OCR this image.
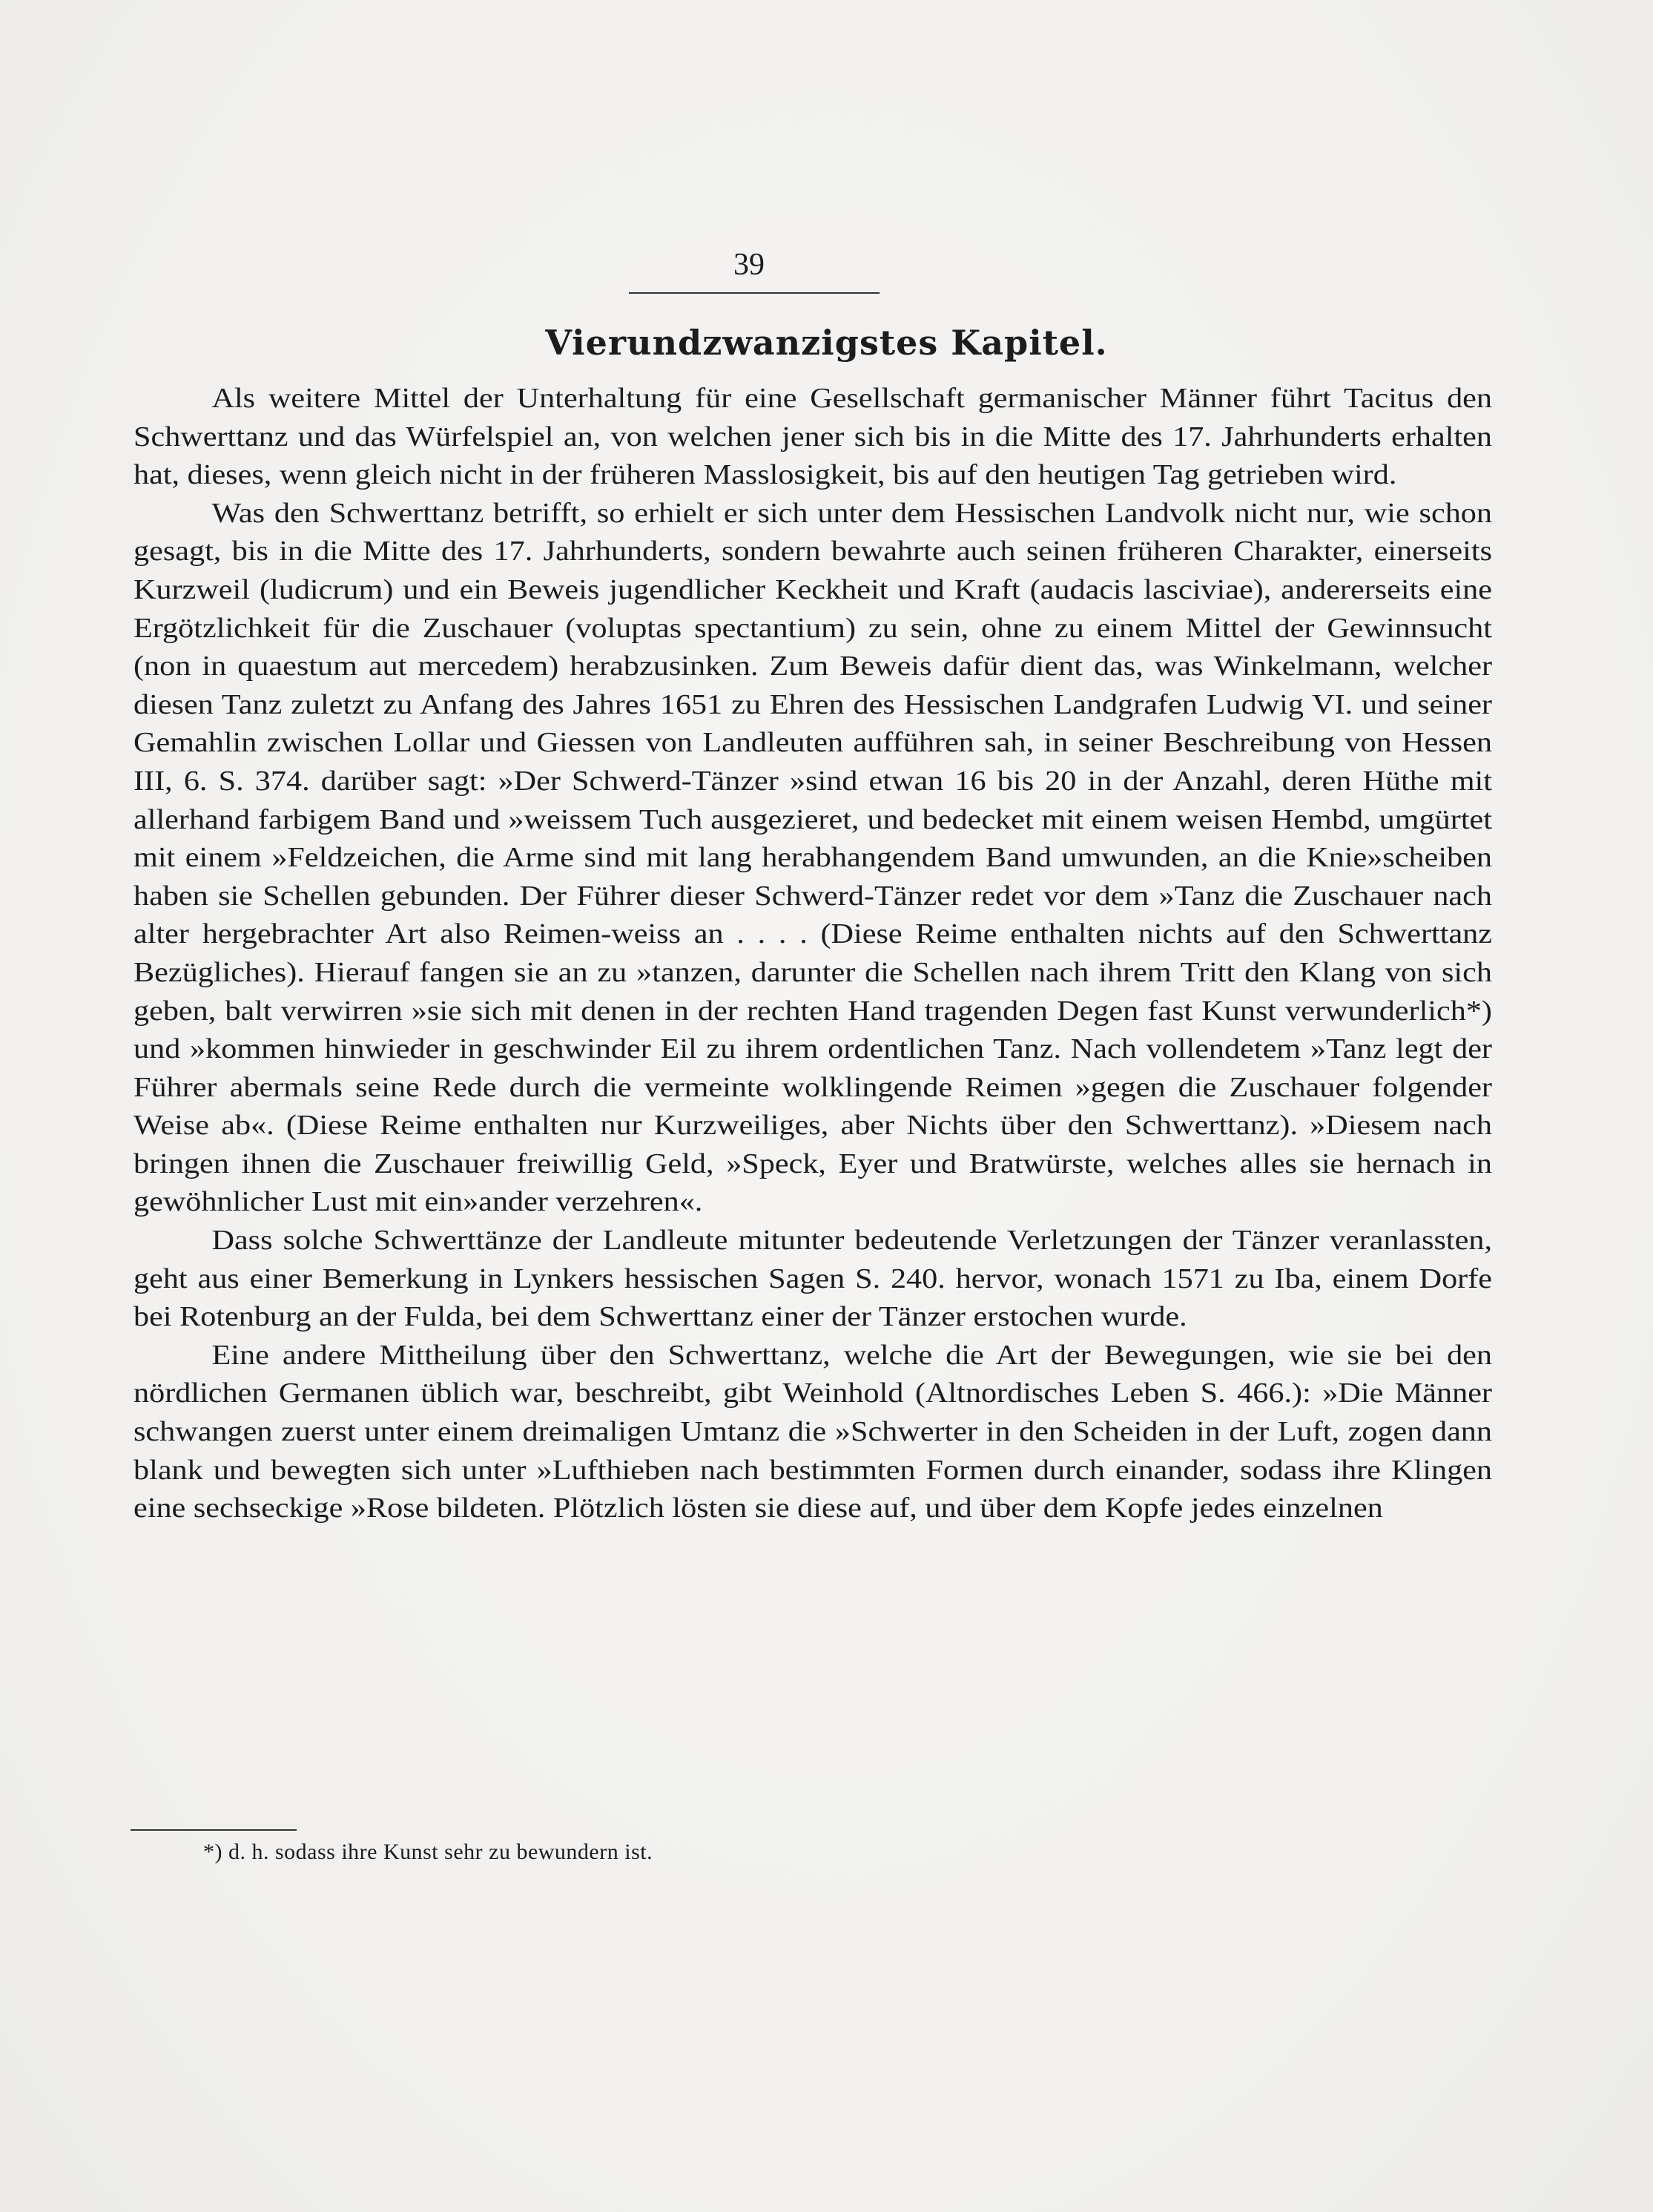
39
Vierundzwanzigstes Kapitel.

Als weitere Mittel der Unterhaltung für eine Gesellschaft germanischer Männer führt Tacitus den Schwerttanz und das Würfelspiel an, von welchen jener sich bis in die Mitte des 17. Jahrhunderts erhalten hat, dieses, wenn gleich nicht in der früheren Masslosigkeit, bis auf den heutigen Tag getrieben wird.

Was den Schwerttanz betrifft, so erhielt er sich unter dem Hessischen Landvolk nicht nur, wie schon gesagt, bis in die Mitte des 17. Jahrhunderts, sondern bewahrte auch seinen früheren Charakter, einerseits Kurzweil (ludicrum) und ein Beweis jugendlicher Keckheit und Kraft (audacis lasciviae), andererseits eine Ergötzlichkeit für die Zuschauer (voluptas spectantium) zu sein, ohne zu einem Mittel der Gewinnsucht (non in quaestum aut mercedem) herabzusinken. Zum Beweis dafür dient das, was Winkelmann, welcher diesen Tanz zuletzt zu Anfang des Jahres 1651 zu Ehren des Hessischen Landgrafen Ludwig VI. und seiner Gemahlin zwischen Lollar und Giessen von Landleuten aufführen sah, in seiner Beschreibung von Hessen III, 6. S. 374. darüber sagt: »Der Schwerd-Tänzer »sind etwan 16 bis 20 in der Anzahl, deren Hüthe mit allerhand farbigem Band und »weissem Tuch ausgezieret, und bedecket mit einem weisen Hembd, umgürtet mit einem »Feldzeichen, die Arme sind mit lang herabhangendem Band umwunden, an die Knie»scheiben haben sie Schellen gebunden. Der Führer dieser Schwerd-Tänzer redet vor dem »Tanz die Zuschauer nach alter hergebrachter Art also Reimen-weiss an . . . . (Diese Reime enthalten nichts auf den Schwerttanz Bezügliches). Hierauf fangen sie an zu »tanzen, darunter die Schellen nach ihrem Tritt den Klang von sich geben, balt verwirren »sie sich mit denen in der rechten Hand tragenden Degen fast Kunst verwunderlich*) und »kommen hinwieder in geschwinder Eil zu ihrem ordentlichen Tanz. Nach vollendetem »Tanz legt der Führer abermals seine Rede durch die vermeinte wolklingende Reimen »gegen die Zuschauer folgender Weise ab«. (Diese Reime enthalten nur Kurzweiliges, aber Nichts über den Schwerttanz). »Diesem nach bringen ihnen die Zuschauer freiwillig Geld, »Speck, Eyer und Bratwürste, welches alles sie hernach in gewöhnlicher Lust mit ein»ander verzehren«.

Dass solche Schwerttänze der Landleute mitunter bedeutende Verletzungen der Tänzer veranlassten, geht aus einer Bemerkung in Lynkers hessischen Sagen S. 240. hervor, wonach 1571 zu Iba, einem Dorfe bei Rotenburg an der Fulda, bei dem Schwerttanz einer der Tänzer erstochen wurde.

Eine andere Mittheilung über den Schwerttanz, welche die Art der Bewegungen, wie sie bei den nördlichen Germanen üblich war, beschreibt, gibt Weinhold (Altnordisches Leben S. 466.): »Die Männer schwangen zuerst unter einem dreimaligen Umtanz die »Schwerter in den Scheiden in der Luft, zogen dann blank und bewegten sich unter »Lufthieben nach bestimmten Formen durch einander, sodass ihre Klingen eine sechseckige »Rose bildeten. Plötzlich lösten sie diese auf, und über dem Kopfe jedes einzelnen

*) d. h. sodass ihre Kunst sehr zu bewundern ist.
